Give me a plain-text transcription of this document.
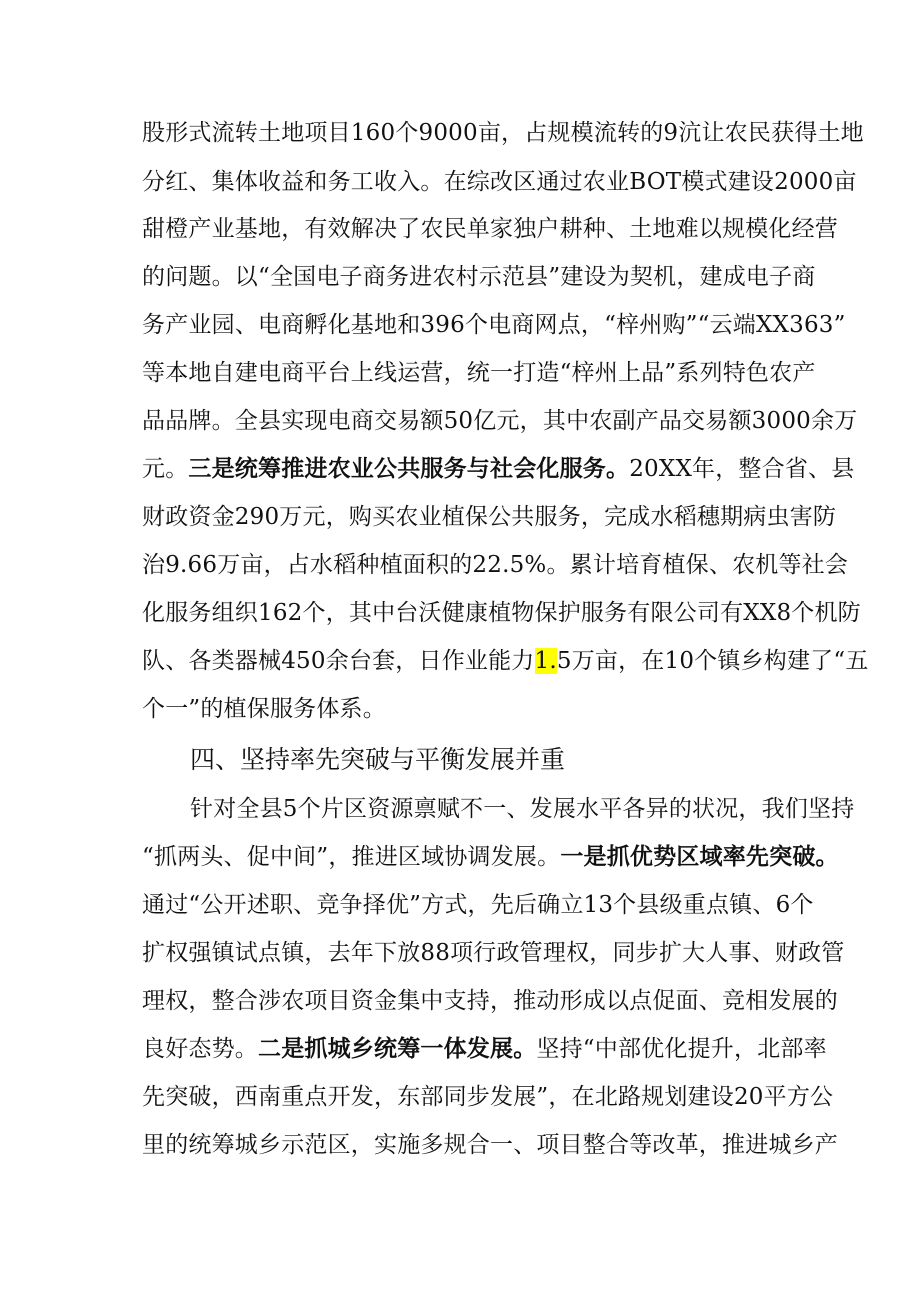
股形式流转土地项目160个9000亩，占规模流转的9沆让农民获得土地
分红、集体收益和务工收入。在综改区通过农业BOT模式建设2000亩
甜橙产业基地，有效解决了农民单家独户耕种、土地难以规模化经营
的问题。以“全国电子商务进农村示范县”建设为契机，建成电子商
务产业园、电商孵化基地和396个电商网点，“梓州购”“云端XX363”
等本地自建电商平台上线运营，统一打造“梓州上品”系列特色农产
品品牌。全县实现电商交易额50亿元，其中农副产品交易额3000余万
元。三是统筹推进农业公共服务与社会化服务。20XX年，整合省、县
财政资金290万元，购买农业植保公共服务，完成水稻穗期病虫害防
治9.66万亩，占水稻种植面积的22.5%。累计培育植保、农机等社会
化服务组织162个，其中台沃健康植物保护服务有限公司有XX8个机防
队、各类器械450余台套，日作业能力1.5万亩，在10个镇乡构建了“五
个一”的植保服务体系。
四、坚持率先突破与平衡发展并重
针对全县5个片区资源禀赋不一、发展水平各异的状况，我们坚持
“抓两头、促中间”，推进区域协调发展。一是抓优势区域率先突破。
通过“公开述职、竞争择优”方式，先后确立13个县级重点镇、6个
扩权强镇试点镇，去年下放88项行政管理权，同步扩大人事、财政管
理权，整合涉农项目资金集中支持，推动形成以点促面、竞相发展的
良好态势。二是抓城乡统筹一体发展。坚持“中部优化提升，北部率
先突破，西南重点开发，东部同步发展”，在北路规划建设20平方公
里的统筹城乡示范区，实施多规合一、项目整合等改革，推进城乡产
